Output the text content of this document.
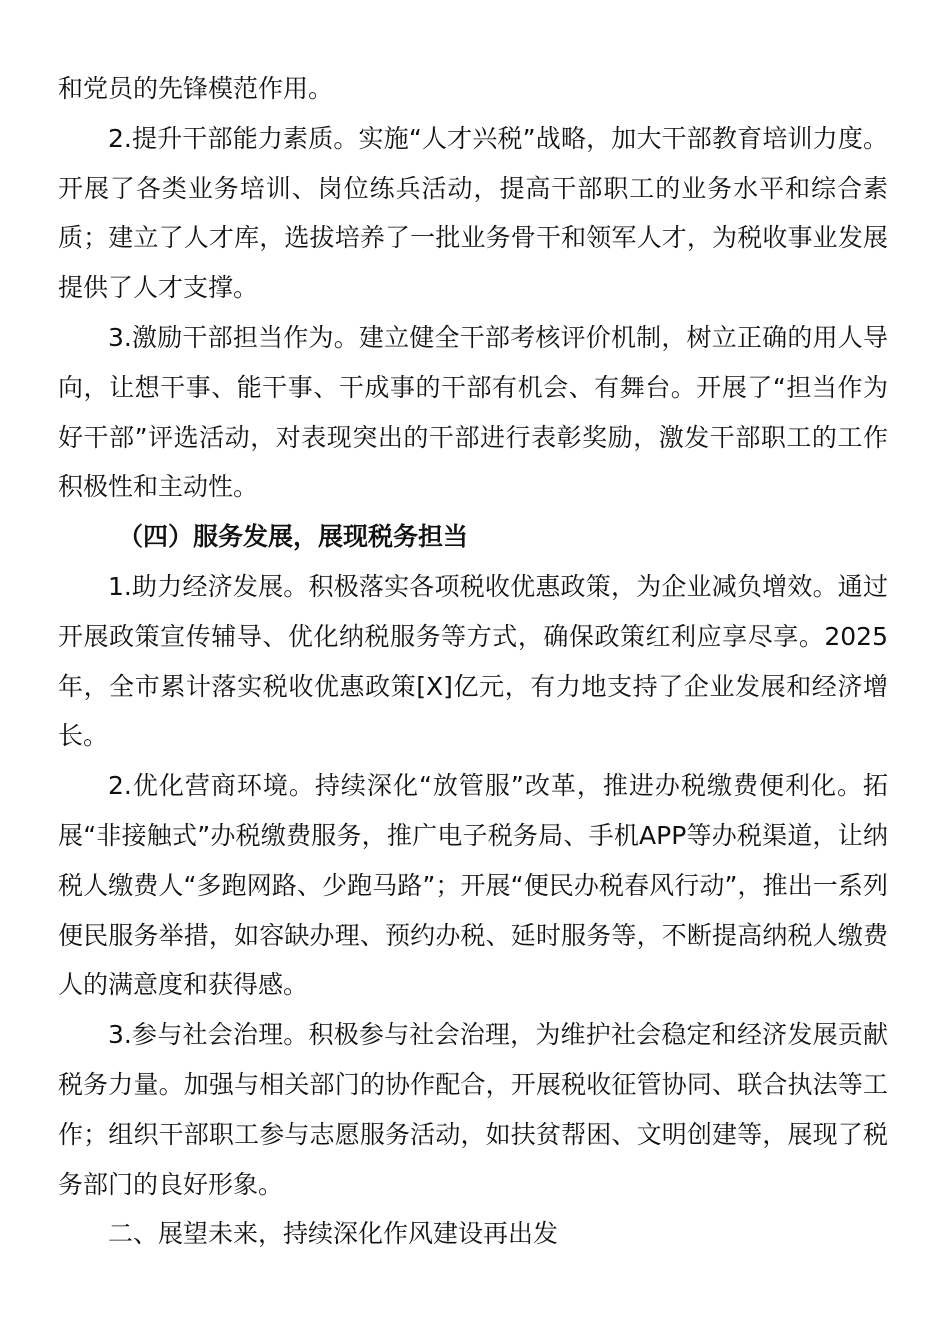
和党员的先锋模范作用。

2.提升干部能力素质。实施“人才兴税”战略，加大干部教育培训力度。开展了各类业务培训、岗位练兵活动，提高干部职工的业务水平和综合素质；建立了人才库，选拔培养了一批业务骨干和领军人才，为税收事业发展提供了人才支撑。

3.激励干部担当作为。建立健全干部考核评价机制，树立正确的用人导向，让想干事、能干事、干成事的干部有机会、有舞台。开展了“担当作为好干部”评选活动，对表现突出的干部进行表彰奖励，激发干部职工的工作积极性和主动性。

（四）服务发展，展现税务担当

1.助力经济发展。积极落实各项税收优惠政策，为企业减负增效。通过开展政策宣传辅导、优化纳税服务等方式，确保政策红利应享尽享。2025年，全市累计落实税收优惠政策[X]亿元，有力地支持了企业发展和经济增长。

2.优化营商环境。持续深化“放管服”改革，推进办税缴费便利化。拓展“非接触式”办税缴费服务，推广电子税务局、手机APP等办税渠道，让纳税人缴费人“多跑网路、少跑马路”；开展“便民办税春风行动”，推出一系列便民服务举措，如容缺办理、预约办税、延时服务等，不断提高纳税人缴费人的满意度和获得感。

3.参与社会治理。积极参与社会治理，为维护社会稳定和经济发展贡献税务力量。加强与相关部门的协作配合，开展税收征管协同、联合执法等工作；组织干部职工参与志愿服务活动，如扶贫帮困、文明创建等，展现了税务部门的良好形象。

二、展望未来，持续深化作风建设再出发
